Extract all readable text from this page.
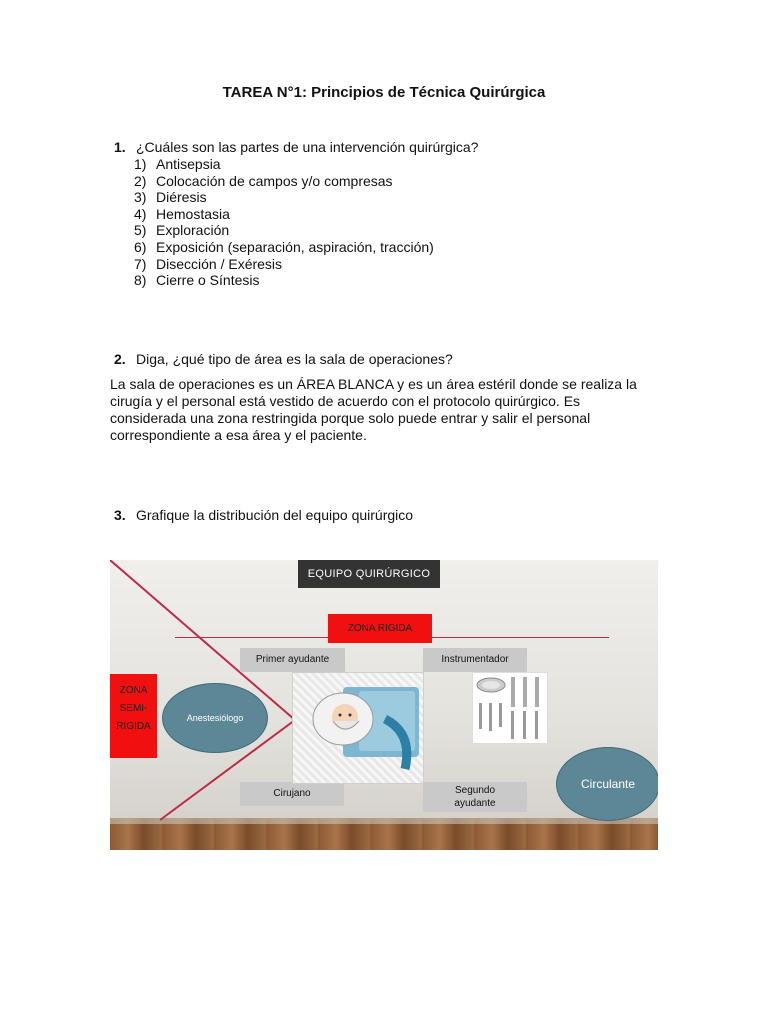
TAREA N°1: Principios de Técnica Quirúrgica
1. ¿Cuáles son las partes de una intervención quirúrgica?
1) Antisepsia
2) Colocación de campos y/o compresas
3) Diéresis
4) Hemostasia
5) Exploración
6) Exposición (separación, aspiración, tracción)
7) Disección / Exéresis
8) Cierre o Síntesis
2. Diga, ¿qué tipo de área es la sala de operaciones?
La sala de operaciones es un ÁREA BLANCA y es un área estéril donde se realiza la cirugía y el personal está vestido de acuerdo con el protocolo quirúrgico. Es considerada una zona restringida porque solo puede entrar y salir el personal correspondiente a esa área y el paciente.
3. Grafique la distribución del equipo quirúrgico
EQUIPO QUIRÚRGICO
ZONA RIGIDA
ZONA
SEMI-
RIGIDA
Primer ayudante	Instrumentador
Cirujano	Segundo
ayudante
Anestesiólogo
Circulante
